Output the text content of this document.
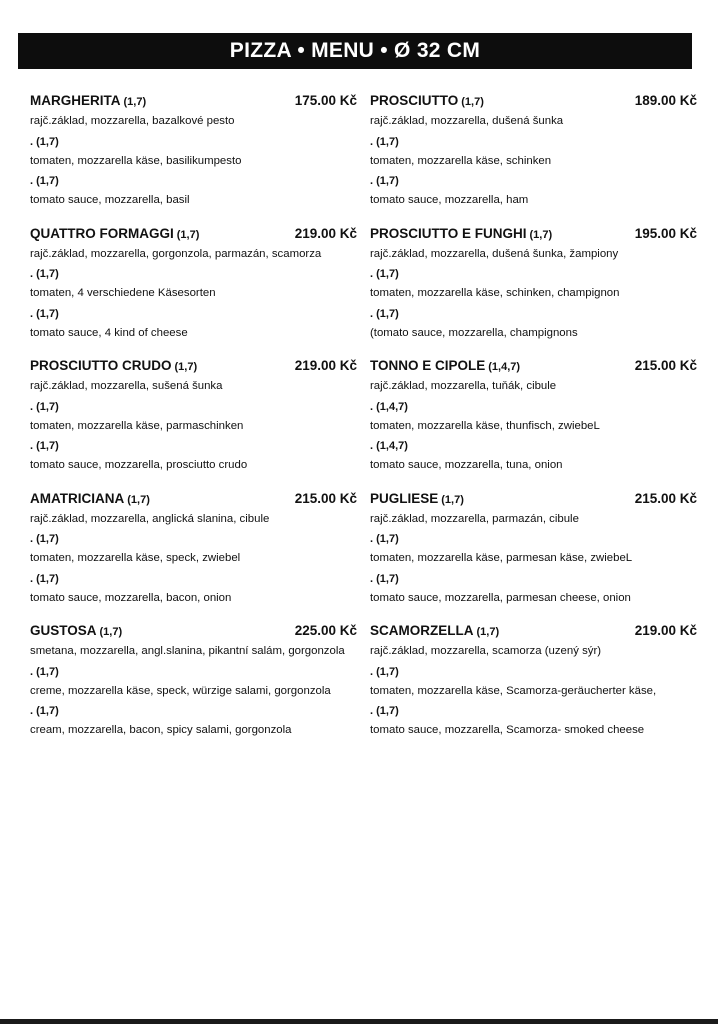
PIZZA • MENU • Ø 32 CM
MARGHERITA (1,7)	175.00 Kč
rajč.základ, mozzarella, bazalkové pesto
. (1,7)
tomaten, mozzarella käse, basilikumpesto
. (1,7)
tomato sauce, mozzarella, basil
QUATTRO FORMAGGI (1,7)	219.00 Kč
rajč.základ, mozzarella, gorgonzola, parmazán, scamorza
. (1,7)
tomaten, 4 verschiedene Käsesorten
. (1,7)
tomato sauce, 4 kind of cheese
PROSCIUTTO CRUDO (1,7)	219.00 Kč
rajč.základ, mozzarella, sušená šunka
. (1,7)
tomaten, mozzarella käse, parmaschinken
. (1,7)
tomato sauce, mozzarella, prosciutto crudo
AMATRICIANA (1,7)	215.00 Kč
rajč.základ, mozzarella, anglická slanina, cibule
. (1,7)
tomaten, mozzarella käse, speck, zwiebel
. (1,7)
tomato sauce, mozzarella, bacon, onion
GUSTOSA (1,7)	225.00 Kč
smetana, mozzarella, angl.slanina, pikantní salám, gorgonzola
. (1,7)
creme, mozzarella käse, speck, würzige salami, gorgonzola
. (1,7)
cream, mozzarella, bacon, spicy salami, gorgonzola
PROSCIUTTO (1,7)	189.00 Kč
rajč.základ, mozzarella, dušená šunka
. (1,7)
tomaten, mozzarella käse, schinken
. (1,7)
tomato sauce, mozzarella, ham
PROSCIUTTO E FUNGHI (1,7)	195.00 Kč
rajč.základ, mozzarella, dušená šunka, žampiony
. (1,7)
tomaten, mozzarella käse, schinken, champignon
. (1,7)
(tomato sauce, mozzarella, champignons
TONNO E CIPOLE (1,4,7)	215.00 Kč
rajč.základ, mozzarella, tuňák, cibule
. (1,4,7)
tomaten, mozzarella käse, thunfisch, zwiebeL
. (1,4,7)
tomato sauce, mozzarella, tuna, onion
PUGLIESE (1,7)	215.00 Kč
rajč.základ, mozzarella, parmazán, cibule
. (1,7)
tomaten, mozzarella käse, parmesan käse, zwiebeL
. (1,7)
tomato sauce, mozzarella, parmesan cheese, onion
SCAMORZELLA (1,7)	219.00 Kč
rajč.základ, mozzarella, scamorza (uzený sýr)
. (1,7)
tomaten, mozzarella käse, Scamorza-geräucherter käse,
. (1,7)
tomato sauce, mozzarella, Scamorza- smoked cheese
